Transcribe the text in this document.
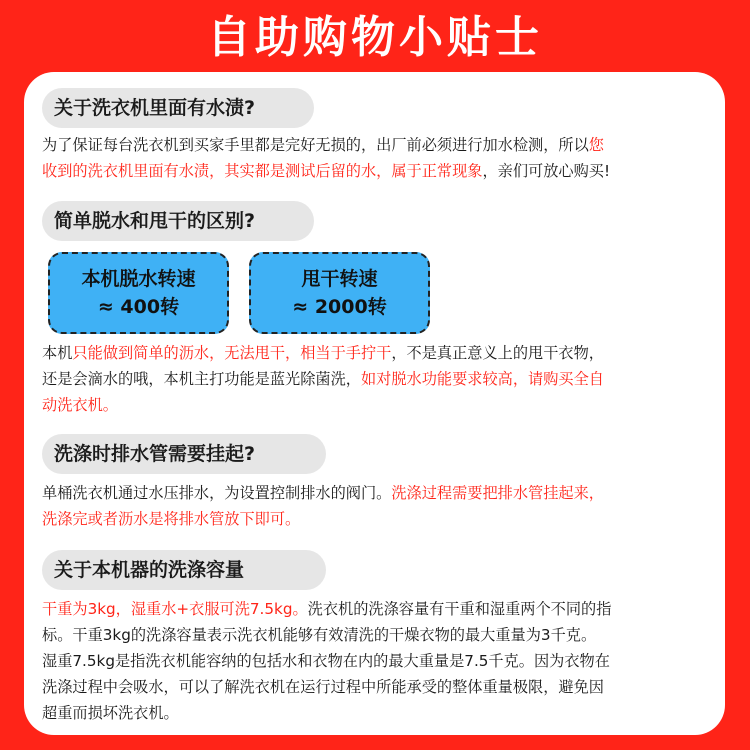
自助购物小贴士
关于洗衣机里面有水渍?
为了保证每台洗衣机到买家手里都是完好无损的，出厂前必须进行加水检测，所以您
收到的洗衣机里面有水渍，其实都是测试后留的水，属于正常现象，亲们可放心购买!
简单脱水和甩干的区别?
本机脱水转速
≈ 400转
甩干转速
≈ 2000转
本机只能做到简单的沥水，无法甩干，相当于手拧干，不是真正意义上的甩干衣物，
还是会滴水的哦，本机主打功能是蓝光除菌洗，如对脱水功能要求较高，请购买全自
动洗衣机。
洗涤时排水管需要挂起?
单桶洗衣机通过水压排水，为设置控制排水的阀门。洗涤过程需要把排水管挂起来，
洗涤完或者沥水是将排水管放下即可。
关于本机器的洗涤容量
干重为3kg，湿重水+衣服可洗7.5kg。洗衣机的洗涤容量有干重和湿重两个不同的指
标。干重3kg的洗涤容量表示洗衣机能够有效清洗的干燥衣物的最大重量为3千克。
湿重7.5kg是指洗衣机能容纳的包括水和衣物在内的最大重量是7.5千克。因为衣物在
洗涤过程中会吸水，可以了解洗衣机在运行过程中所能承受的整体重量极限，避免因
超重而损坏洗衣机。
